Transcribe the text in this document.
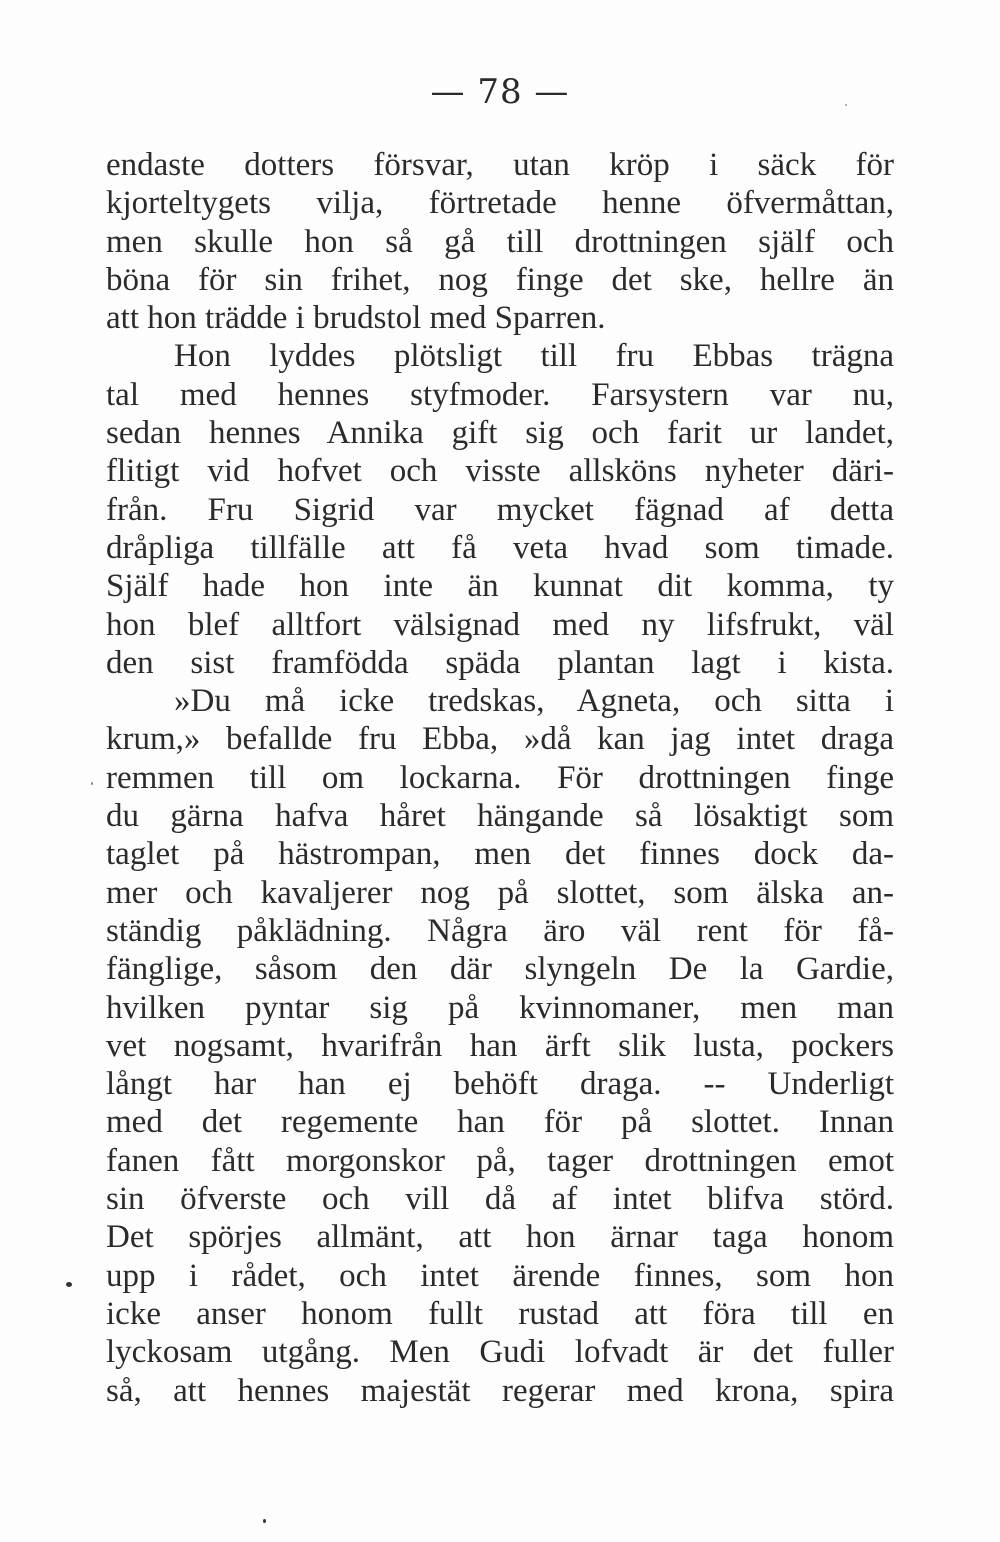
— 78 —
endaste dotters försvar, utan kröp i säck för
kjorteltygets vilja, förtretade henne öfvermåttan,
men skulle hon så gå till drottningen själf och
böna för sin frihet, nog finge det ske, hellre än
att hon trädde i brudstol med Sparren.
Hon lyddes plötsligt till fru Ebbas trägna
tal med hennes styfmoder. Farsystern var nu,
sedan hennes Annika gift sig och farit ur landet,
flitigt vid hofvet och visste allsköns nyheter däri-
från. Fru Sigrid var mycket fägnad af detta
dråpliga tillfälle att få veta hvad som timade.
Själf hade hon inte än kunnat dit komma, ty
hon blef alltfort välsignad med ny lifsfrukt, väl
den sist framfödda späda plantan lagt i kista.
»Du må icke tredskas, Agneta, och sitta i
krum,» befallde fru Ebba, »då kan jag intet draga
remmen till om lockarna. För drottningen finge
du gärna hafva håret hängande så lösaktigt som
taglet på hästrompan, men det finnes dock da-
mer och kavaljerer nog på slottet, som älska an-
ständig påklädning. Några äro väl rent för få-
fänglige, såsom den där slyngeln De la Gardie,
hvilken pyntar sig på kvinnomaner, men man
vet nogsamt, hvarifrån han ärft slik lusta, pockers
långt har han ej behöft draga. -- Underligt
med det regemente han för på slottet. Innan
fanen fått morgonskor på, tager drottningen emot
sin öfverste och vill då af intet blifva störd.
Det spörjes allmänt, att hon ärnar taga honom
upp i rådet, och intet ärende finnes, som hon
icke anser honom fullt rustad att föra till en
lyckosam utgång. Men Gudi lofvadt är det fuller
så, att hennes majestät regerar med krona, spira
